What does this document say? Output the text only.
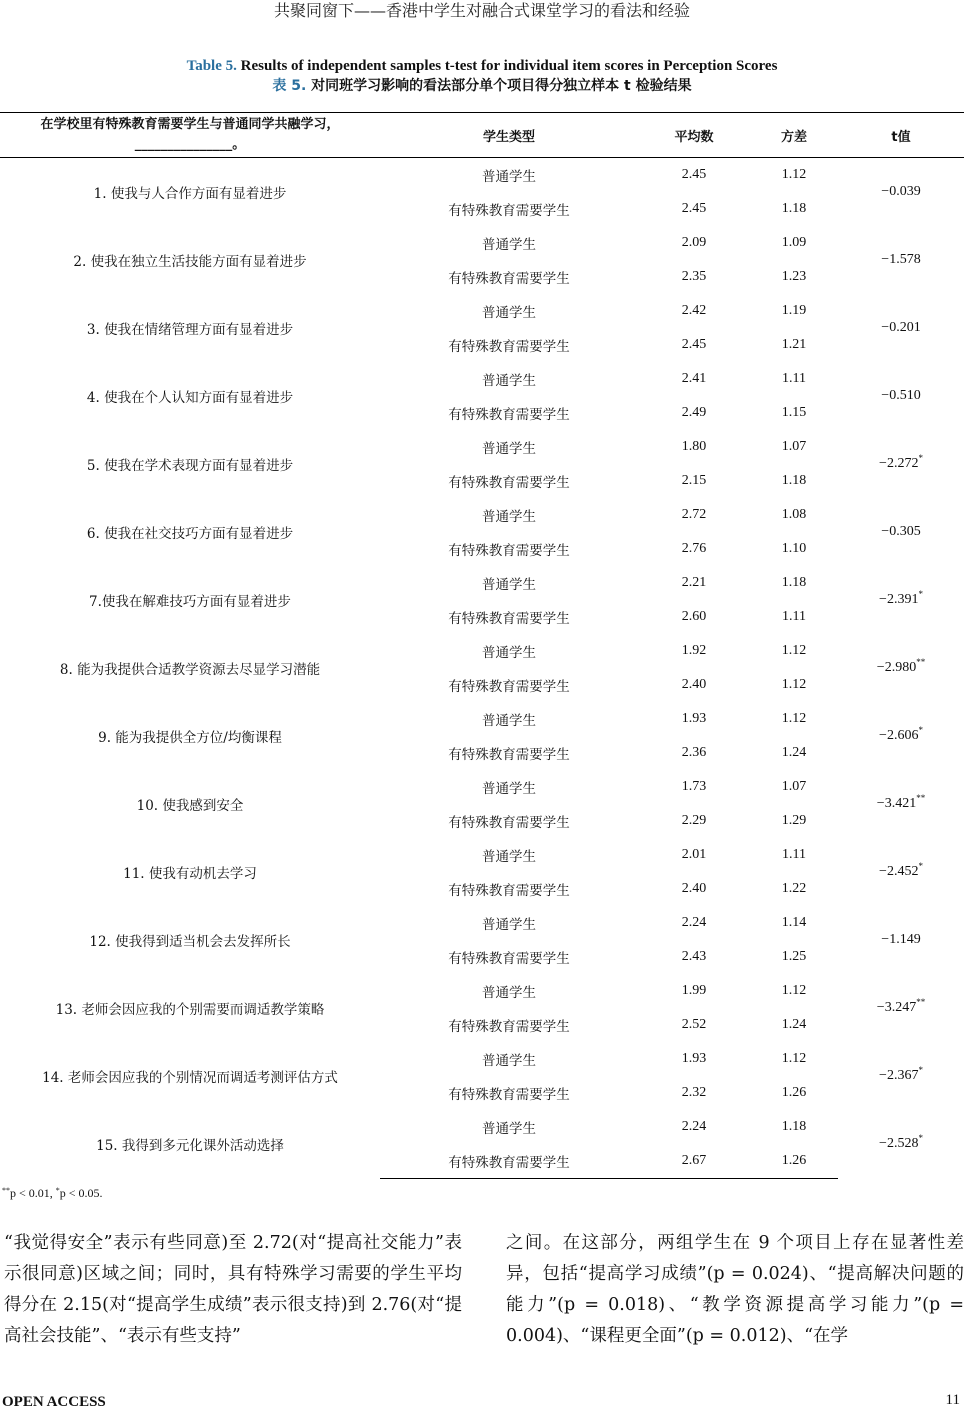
共聚同窗下——香港中学生对融合式课堂学习的看法和经验
Table 5. Results of independent samples t-test for individual item scores in Perception Scores
表 5. 对同班学习影响的看法部分单个项目得分独立样本 t 检验结果
在学校里有特殊教育需要学生与普通同学共融学习，
_______________。	学生类型	平均数	方差	t值
1. 使我与人合作方面有显着进步	普通学生	2.45	1.12	−0.039
	有特殊教育需要学生	2.45	1.18	
2. 使我在独立生活技能方面有显着进步	普通学生	2.09	1.09	−1.578
	有特殊教育需要学生	2.35	1.23	
3. 使我在情绪管理方面有显着进步	普通学生	2.42	1.19	−0.201
	有特殊教育需要学生	2.45	1.21	
4. 使我在个人认知方面有显着进步	普通学生	2.41	1.11	−0.510
	有特殊教育需要学生	2.49	1.15	
5. 使我在学术表现方面有显着进步	普通学生	1.80	1.07	−2.272*
	有特殊教育需要学生	2.15	1.18	
6. 使我在社交技巧方面有显着进步	普通学生	2.72	1.08	−0.305
	有特殊教育需要学生	2.76	1.10	
7.使我在解难技巧方面有显着进步	普通学生	2.21	1.18	−2.391*
	有特殊教育需要学生	2.60	1.11	
8. 能为我提供合适教学资源去尽显学习潜能	普通学生	1.92	1.12	−2.980**
	有特殊教育需要学生	2.40	1.12	
9. 能为我提供全方位/均衡课程	普通学生	1.93	1.12	−2.606*
	有特殊教育需要学生	2.36	1.24	
10. 使我感到安全	普通学生	1.73	1.07	−3.421**
	有特殊教育需要学生	2.29	1.29	
11. 使我有动机去学习	普通学生	2.01	1.11	−2.452*
	有特殊教育需要学生	2.40	1.22	
12. 使我得到适当机会去发挥所长	普通学生	2.24	1.14	−1.149
	有特殊教育需要学生	2.43	1.25	
13. 老师会因应我的个别需要而调适教学策略	普通学生	1.99	1.12	−3.247**
	有特殊教育需要学生	2.52	1.24	
14. 老师会因应我的个别情况而调适考测评估方式	普通学生	1.93	1.12	−2.367*
	有特殊教育需要学生	2.32	1.26	
15. 我得到多元化课外活动选择	普通学生	2.24	1.18	−2.528*
	有特殊教育需要学生	2.67	1.26	
**p < 0.01, *p < 0.05.
“我觉得安全”表示有些同意)至 2.72(对“提高社交能力”表示很同意)区域之间；同时，具有特殊学习需要的学生平均得分在 2.15(对“提高学生成绩”表示很支持)到 2.76(对“提高社会技能”、“表示有些支持”
之间。在这部分，两组学生在 9 个项目上存在显著性差异，包括“提高学习成绩”(p = 0.024)、“提高解决问题的能力”(p = 0.018)、“教学资源提高学习能力”(p = 0.004)、“课程更全面”(p = 0.012)、“在学
OPEN ACCESS	11
